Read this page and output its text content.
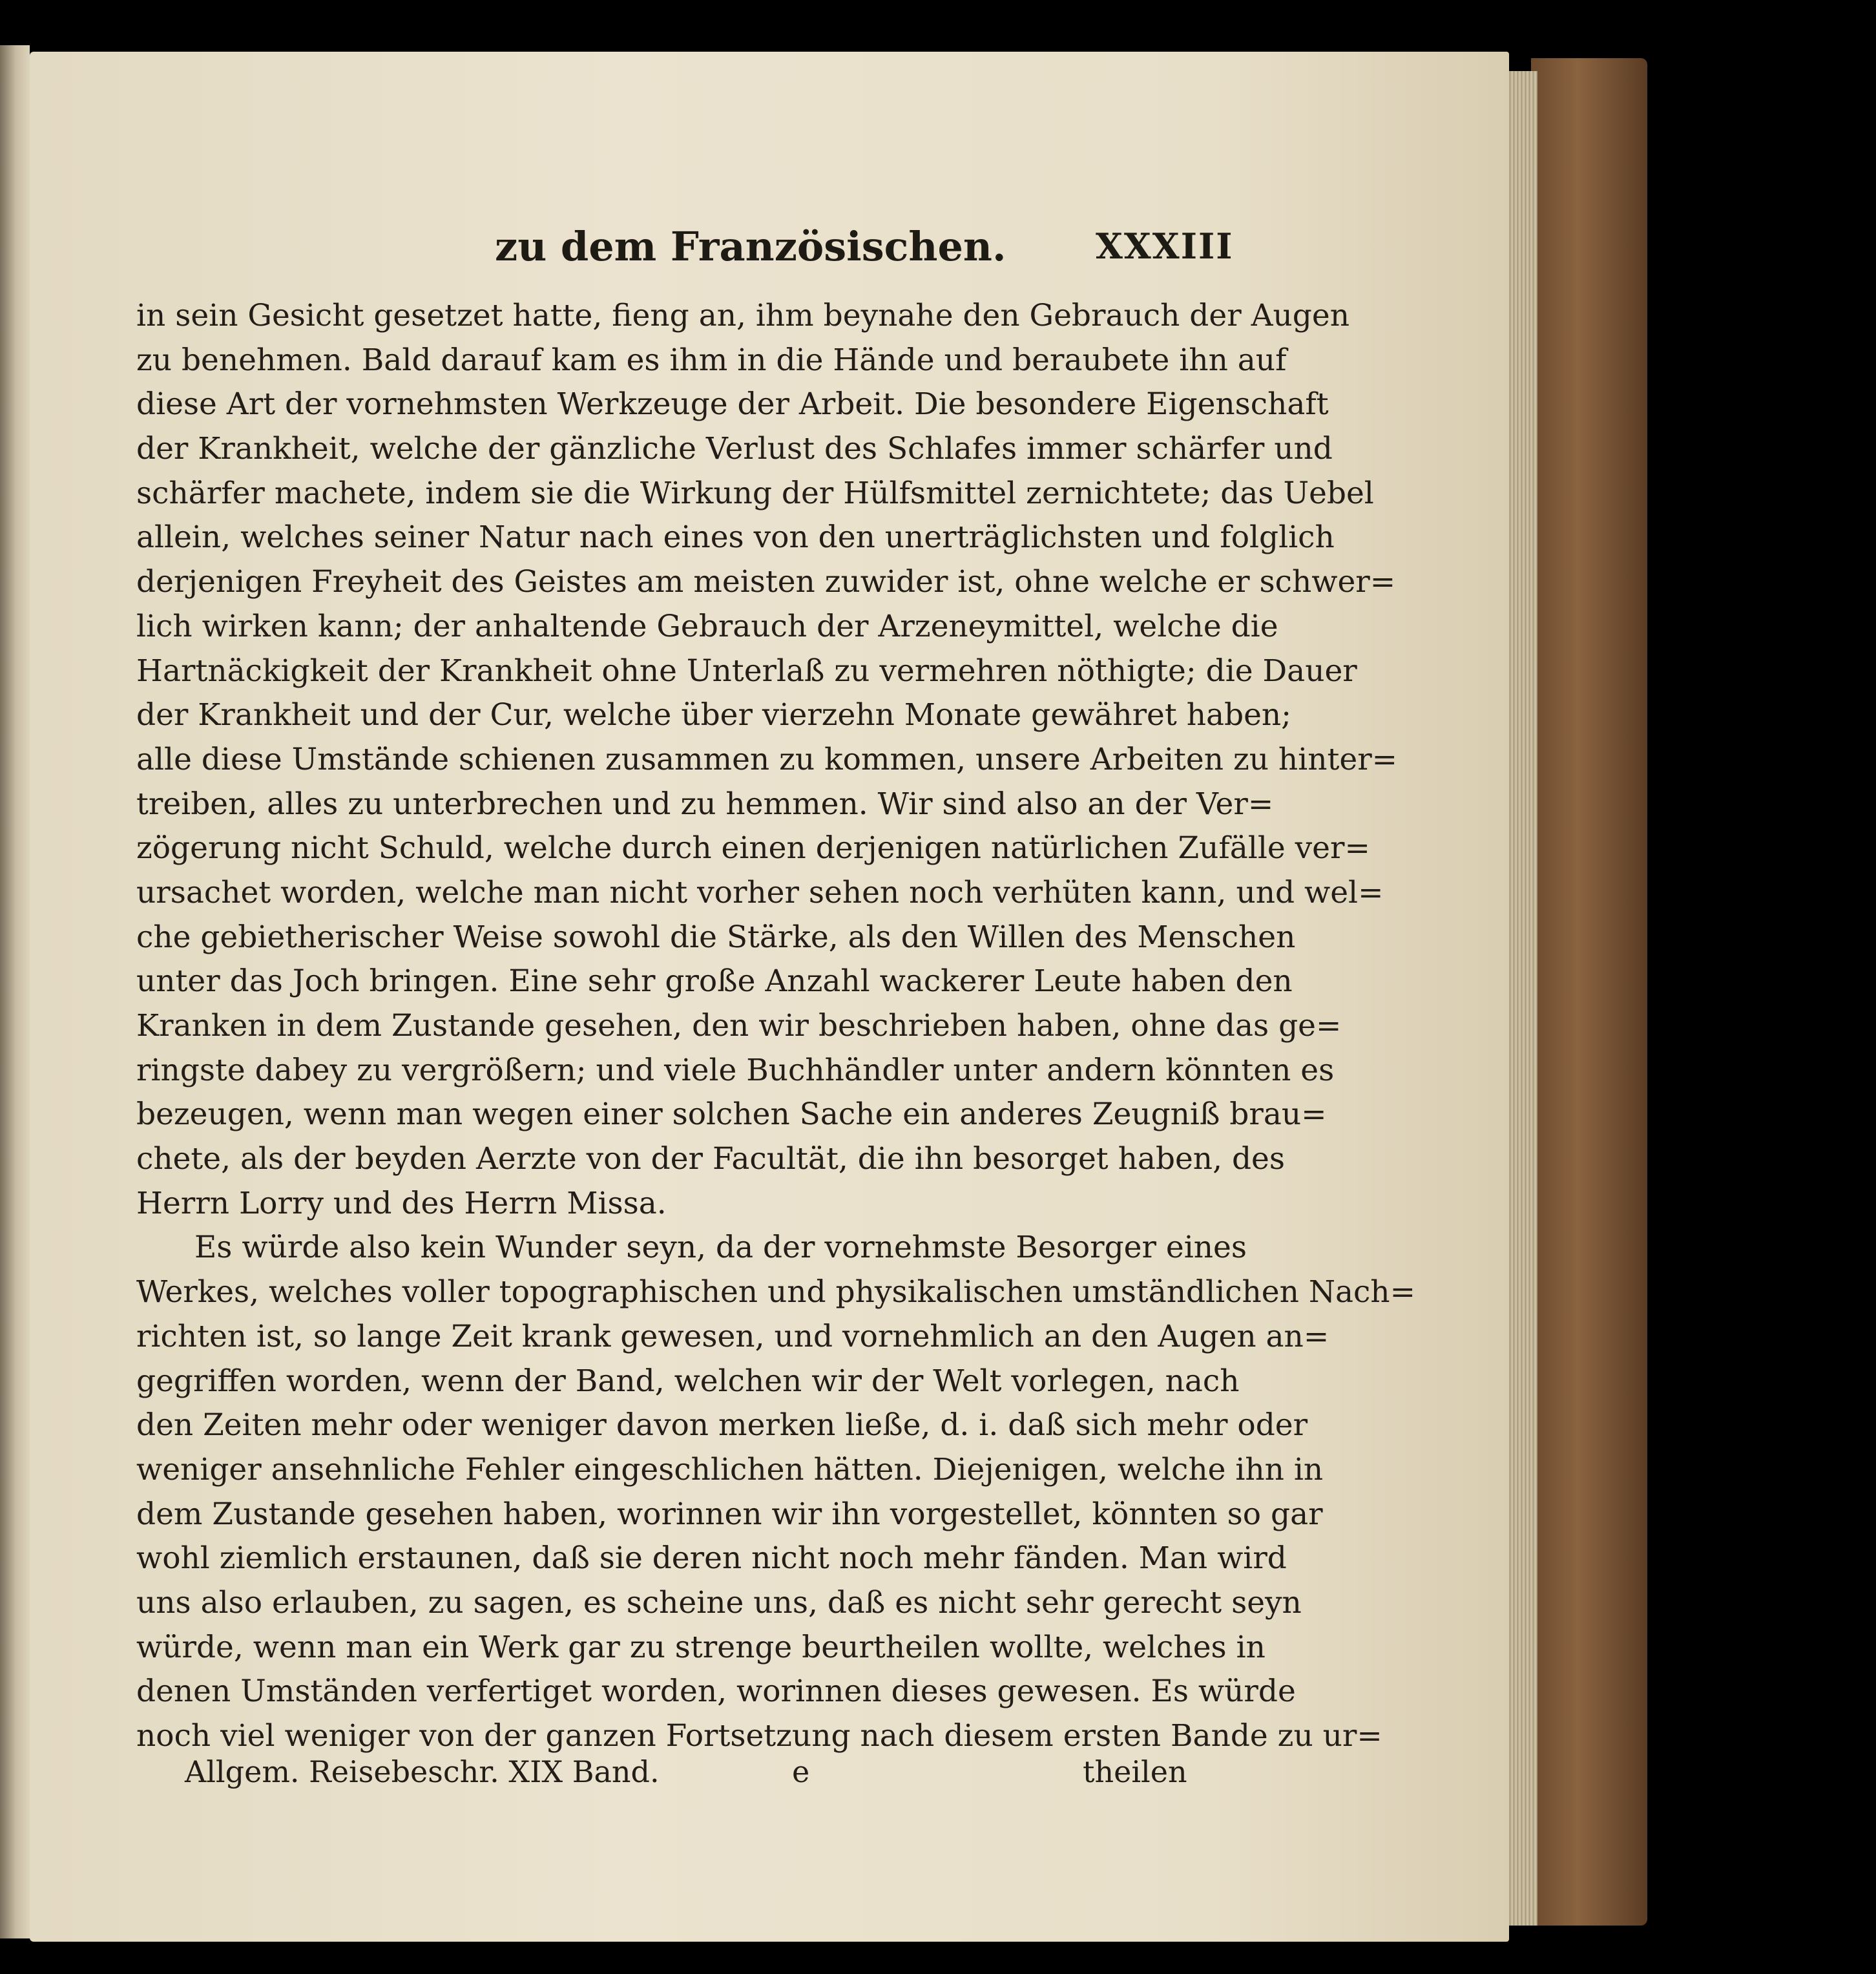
zu dem Französischen.	XXXIII
in sein Gesicht gesetzet hatte, fieng an, ihm beynahe den Gebrauch der Augen
zu benehmen. Bald darauf kam es ihm in die Hände und beraubete ihn auf
diese Art der vornehmsten Werkzeuge der Arbeit. Die besondere Eigenschaft
der Krankheit, welche der gänzliche Verlust des Schlafes immer schärfer und
schärfer machete, indem sie die Wirkung der Hülfsmittel zernichtete; das Uebel
allein, welches seiner Natur nach eines von den unerträglichsten und folglich
derjenigen Freyheit des Geistes am meisten zuwider ist, ohne welche er schwer=
lich wirken kann; der anhaltende Gebrauch der Arzeneymittel, welche die
Hartnäckigkeit der Krankheit ohne Unterlaß zu vermehren nöthigte; die Dauer
der Krankheit und der Cur, welche über vierzehn Monate gewähret haben;
alle diese Umstände schienen zusammen zu kommen, unsere Arbeiten zu hinter=
treiben, alles zu unterbrechen und zu hemmen. Wir sind also an der Ver=
zögerung nicht Schuld, welche durch einen derjenigen natürlichen Zufälle ver=
ursachet worden, welche man nicht vorher sehen noch verhüten kann, und wel=
che gebietherischer Weise sowohl die Stärke, als den Willen des Menschen
unter das Joch bringen. Eine sehr große Anzahl wackerer Leute haben den
Kranken in dem Zustande gesehen, den wir beschrieben haben, ohne das ge=
ringste dabey zu vergrößern; und viele Buchhändler unter andern könnten es
bezeugen, wenn man wegen einer solchen Sache ein anderes Zeugniß brau=
chete, als der beyden Aerzte von der Facultät, die ihn besorget haben, des
Herrn Lorry und des Herrn Missa.
Es würde also kein Wunder seyn, da der vornehmste Besorger eines
Werkes, welches voller topographischen und physikalischen umständlichen Nach=
richten ist, so lange Zeit krank gewesen, und vornehmlich an den Augen an=
gegriffen worden, wenn der Band, welchen wir der Welt vorlegen, nach
den Zeiten mehr oder weniger davon merken ließe, d. i. daß sich mehr oder
weniger ansehnliche Fehler eingeschlichen hätten. Diejenigen, welche ihn in
dem Zustande gesehen haben, worinnen wir ihn vorgestellet, könnten so gar
wohl ziemlich erstaunen, daß sie deren nicht noch mehr fänden. Man wird
uns also erlauben, zu sagen, es scheine uns, daß es nicht sehr gerecht seyn
würde, wenn man ein Werk gar zu strenge beurtheilen wollte, welches in
denen Umständen verfertiget worden, worinnen dieses gewesen. Es würde
noch viel weniger von der ganzen Fortsetzung nach diesem ersten Bande zu ur=
Allgem. Reisebeschr. XIX Band.	e	theilen
